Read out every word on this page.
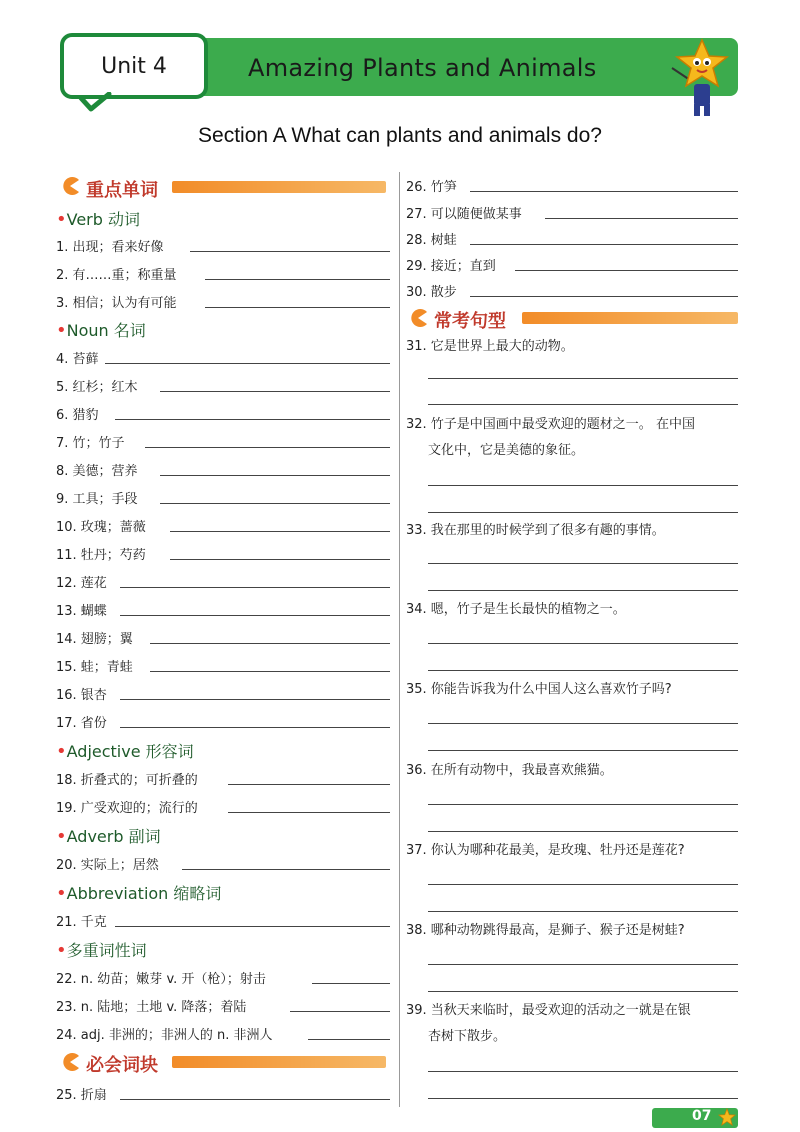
Unit 4	Amazing Plants and Animals
Section A What can plants and animals do?
重点单词
•Verb 动词
1. 出现；看来好像
2. 有……重；称重量
3. 相信；认为有可能
•Noun 名词
4. 苔藓
5. 红杉；红木
6. 猎豹
7. 竹；竹子
8. 美德；营养
9. 工具；手段
10. 玫瑰；蔷薇
11. 牡丹；芍药
12. 莲花
13. 蝴蝶
14. 翅膀；翼
15. 蛙；青蛙
16. 银杏
17. 省份
•Adjective 形容词
18. 折叠式的；可折叠的
19. 广受欢迎的；流行的
•Adverb 副词
20. 实际上；居然
•Abbreviation 缩略词
21. 千克
•多重词性词
22. n. 幼苗；嫩芽 v. 开（枪）；射击
23. n. 陆地；土地 v. 降落；着陆
24. adj. 非洲的；非洲人的 n. 非洲人
必会词块
25. 折扇
26. 竹笋
27. 可以随便做某事
28. 树蛙
29. 接近；直到
30. 散步
常考句型
31. 它是世界上最大的动物。
32. 竹子是中国画中最受欢迎的题材之一。 在中国
文化中，它是美德的象征。
33. 我在那里的时候学到了很多有趣的事情。
34. 嗯，竹子是生长最快的植物之一。
35. 你能告诉我为什么中国人这么喜欢竹子吗?
36. 在所有动物中，我最喜欢熊猫。
37. 你认为哪种花最美，是玫瑰、牡丹还是莲花?
38. 哪种动物跳得最高，是狮子、猴子还是树蛙?
39. 当秋天来临时，最受欢迎的活动之一就是在银
杏树下散步。
07
